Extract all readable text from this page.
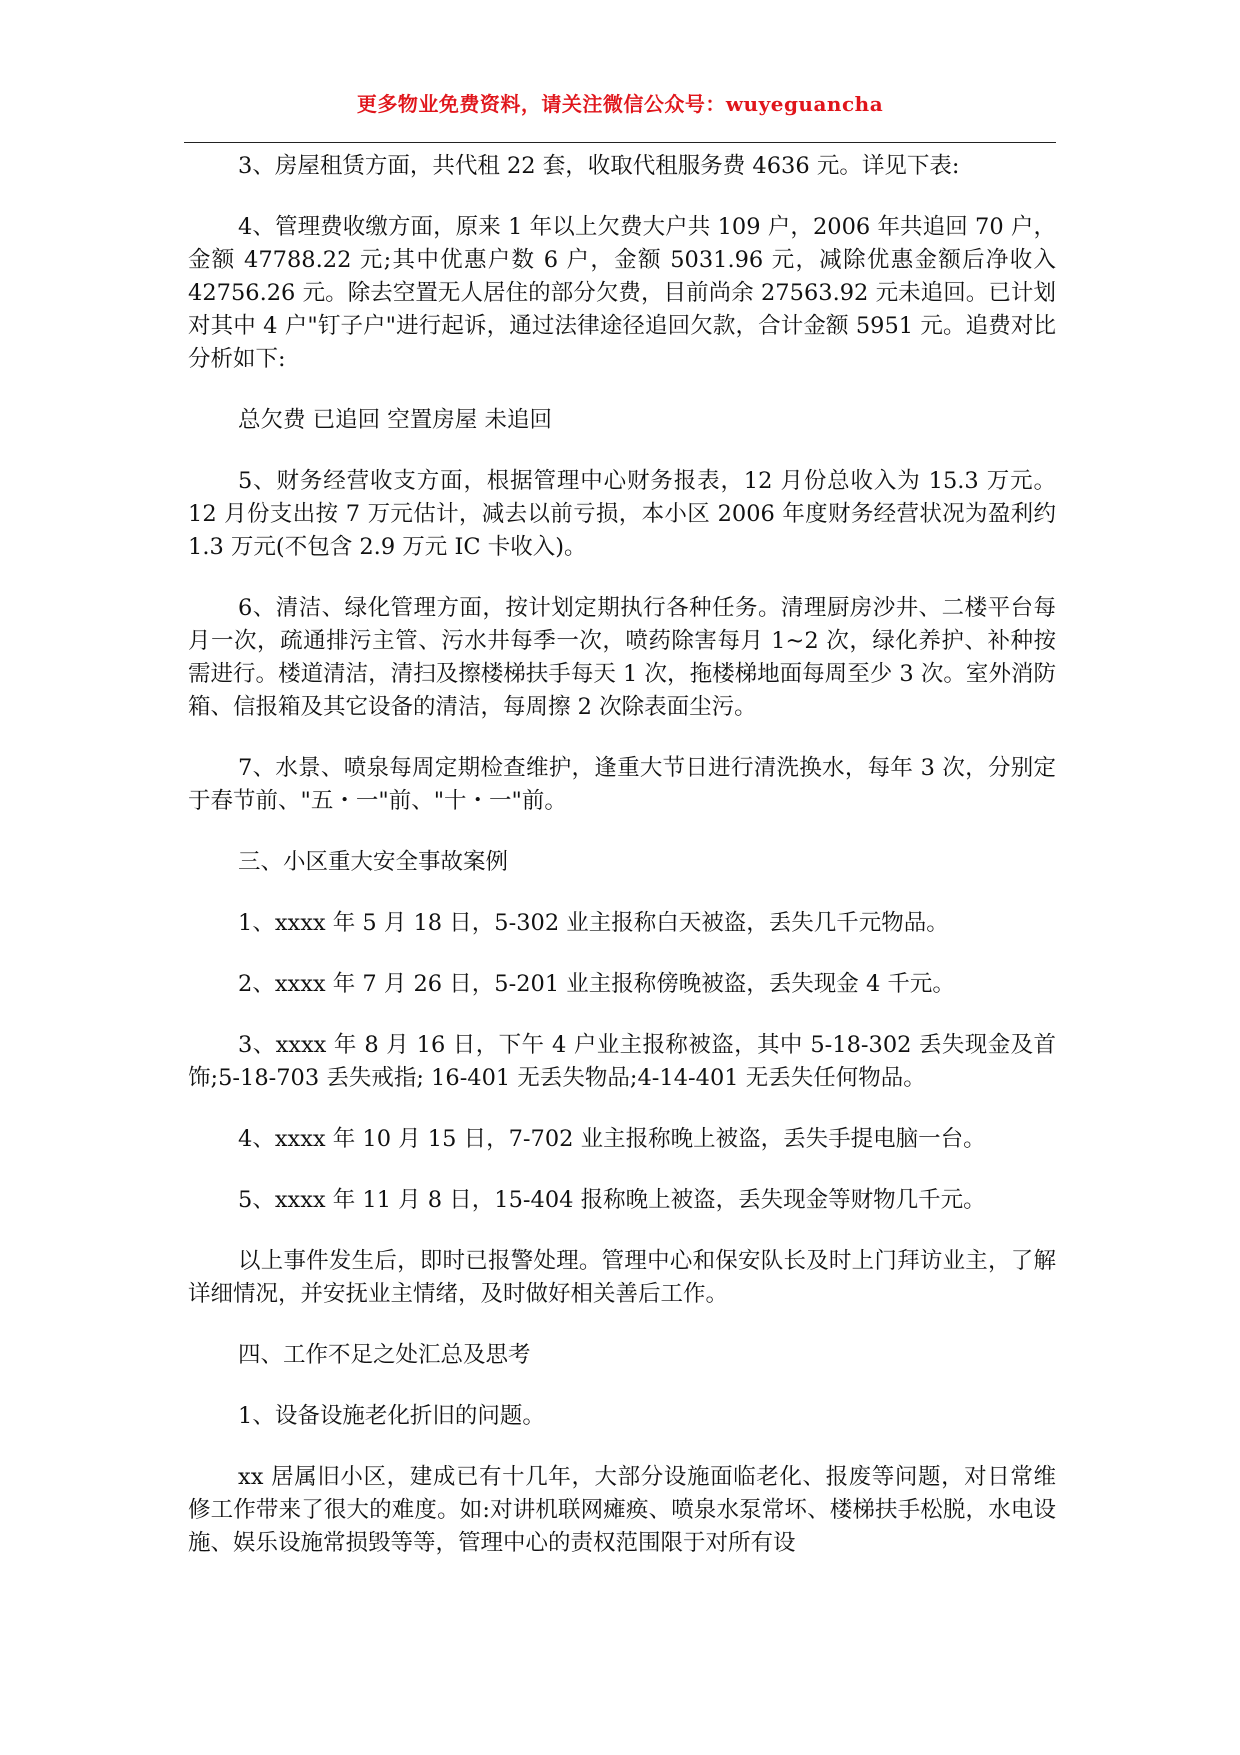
更多物业免费资料，请关注微信公众号：wuyeguancha

3、房屋租赁方面，共代租 22 套，收取代租服务费 4636 元。详见下表:

4、管理费收缴方面，原来 1 年以上欠费大户共 109 户，2006 年共追回 70 户，金额 47788.22 元;其中优惠户数 6 户，金额 5031.96 元，减除优惠金额后净收入 42756.26 元。除去空置无人居住的部分欠费，目前尚余 27563.92 元未追回。已计划对其中 4 户"钉子户"进行起诉，通过法律途径追回欠款，合计金额 5951 元。追费对比分析如下:

总欠费 已追回 空置房屋 未追回

5、财务经营收支方面，根据管理中心财务报表，12 月份总收入为 15.3 万元。12 月份支出按 7 万元估计，减去以前亏损，本小区 2006 年度财务经营状况为盈利约 1.3 万元(不包含 2.9 万元 IC 卡收入)。

6、清洁、绿化管理方面，按计划定期执行各种任务。清理厨房沙井、二楼平台每月一次，疏通排污主管、污水井每季一次，喷药除害每月 1~2 次，绿化养护、补种按需进行。楼道清洁，清扫及擦楼梯扶手每天 1 次，拖楼梯地面每周至少 3 次。室外消防箱、信报箱及其它设备的清洁，每周擦 2 次除表面尘污。

7、水景、喷泉每周定期检查维护，逢重大节日进行清洗换水，每年 3 次，分别定于春节前、"五・一"前、"十・一"前。

三、小区重大安全事故案例

1、xxxx 年 5 月 18 日，5-302 业主报称白天被盗，丢失几千元物品。

2、xxxx 年 7 月 26 日，5-201 业主报称傍晚被盗，丢失现金 4 千元。

3、xxxx 年 8 月 16 日，下午 4 户业主报称被盗，其中 5-18-302 丢失现金及首饰;5-18-703 丢失戒指; 16-401 无丢失物品;4-14-401 无丢失任何物品。

4、xxxx 年 10 月 15 日，7-702 业主报称晚上被盗，丢失手提电脑一台。

5、xxxx 年 11 月 8 日，15-404 报称晚上被盗，丢失现金等财物几千元。

以上事件发生后，即时已报警处理。管理中心和保安队长及时上门拜访业主，了解详细情况，并安抚业主情绪，及时做好相关善后工作。

四、工作不足之处汇总及思考

1、设备设施老化折旧的问题。

xx 居属旧小区，建成已有十几年，大部分设施面临老化、报废等问题，对日常维修工作带来了很大的难度。如:对讲机联网瘫痪、喷泉水泵常坏、楼梯扶手松脱，水电设施、娱乐设施常损毁等等，管理中心的责权范围限于对所有设
